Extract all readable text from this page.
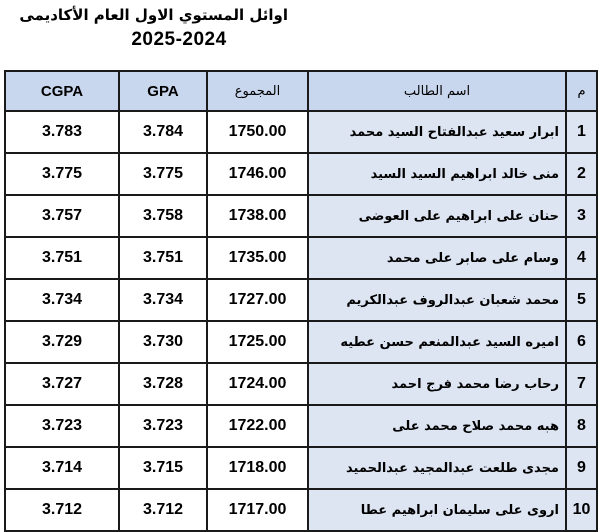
اوائل المستوي الاول العام الأكاديمى
2025-2024
CGPA	GPA	المجموع	اسم الطالب	م
3.783	3.784	1750.00	ابرار سعيد عبدالفتاح السيد محمد	1
3.775	3.775	1746.00	منى خالد ابراهيم السيد السيد	2
3.757	3.758	1738.00	حنان على ابراهيم على العوضى	3
3.751	3.751	1735.00	وسام على صابر على محمد	4
3.734	3.734	1727.00	محمد شعبان عبدالروف عبدالكريم	5
3.729	3.730	1725.00	اميره السيد عبدالمنعم حسن عطيه	6
3.727	3.728	1724.00	رحاب رضا محمد فرج احمد	7
3.723	3.723	1722.00	هبه محمد صلاح محمد على	8
3.714	3.715	1718.00	مجدى طلعت عبدالمجيد عبدالحميد	9
3.712	3.712	1717.00	اروى على سليمان ابراهيم عطا	10
